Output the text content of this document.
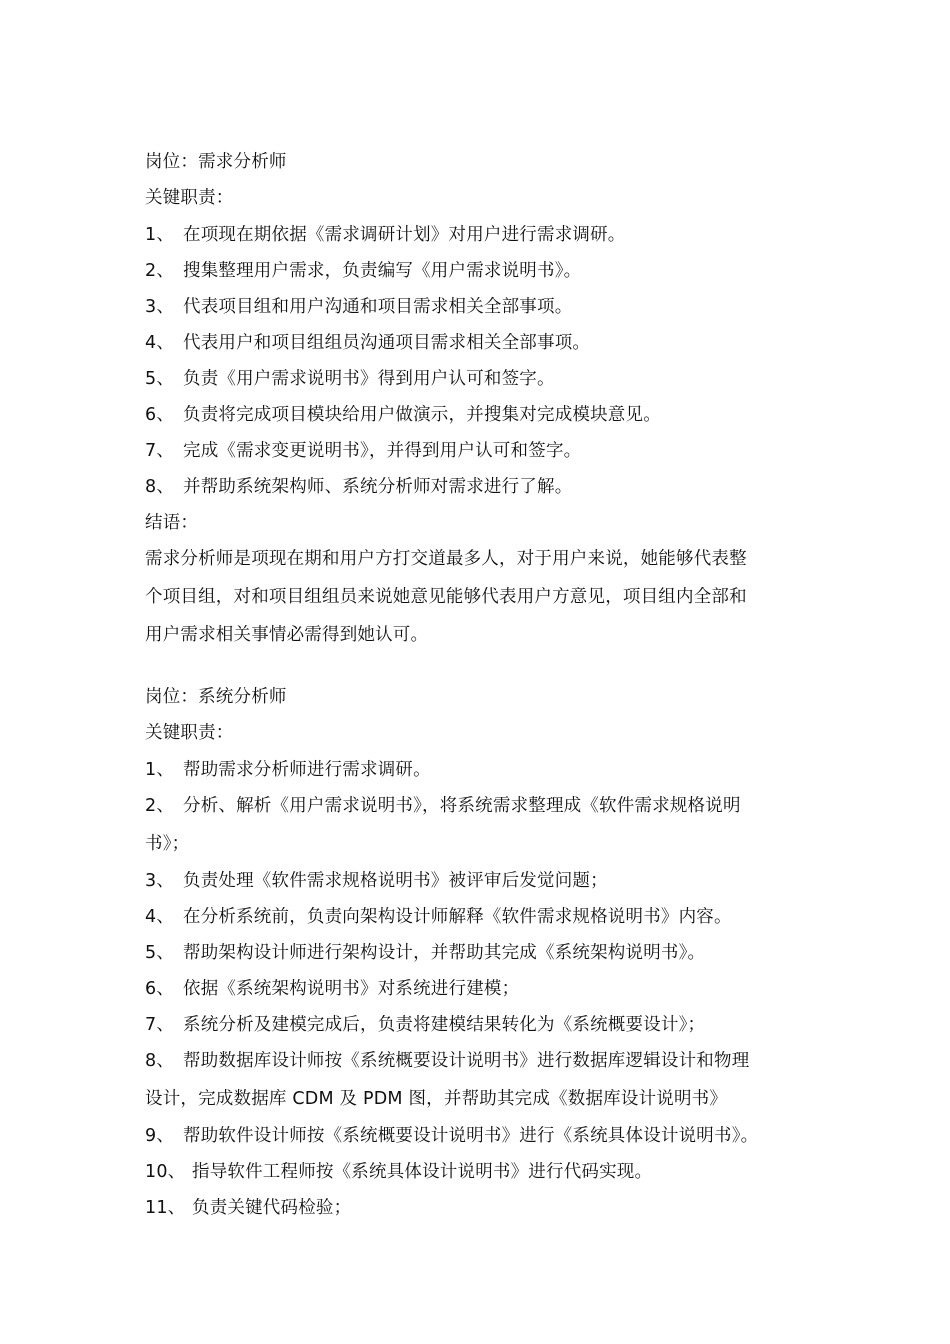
岗位：需求分析师
关键职责：
1、 在项现在期依据《需求调研计划》对用户进行需求调研。
2、 搜集整理用户需求，负责编写《用户需求说明书》。
3、 代表项目组和用户沟通和项目需求相关全部事项。
4、 代表用户和项目组组员沟通项目需求相关全部事项。
5、 负责《用户需求说明书》得到用户认可和签字。
6、 负责将完成项目模块给用户做演示，并搜集对完成模块意见。
7、 完成《需求变更说明书》，并得到用户认可和签字。
8、 并帮助系统架构师、系统分析师对需求进行了解。
结语：
需求分析师是项现在期和用户方打交道最多人，对于用户来说，她能够代表整
个项目组，对和项目组组员来说她意见能够代表用户方意见，项目组内全部和
用户需求相关事情必需得到她认可。
岗位：系统分析师
关键职责：
1、 帮助需求分析师进行需求调研。
2、 分析、解析《用户需求说明书》，将系统需求整理成《软件需求规格说明
书》；
3、 负责处理《软件需求规格说明书》被评审后发觉问题；
4、 在分析系统前，负责向架构设计师解释《软件需求规格说明书》内容。
5、 帮助架构设计师进行架构设计，并帮助其完成《系统架构说明书》。
6、 依据《系统架构说明书》对系统进行建模；
7、 系统分析及建模完成后，负责将建模结果转化为《系统概要设计》；
8、 帮助数据库设计师按《系统概要设计说明书》进行数据库逻辑设计和物理
设计，完成数据库 CDM 及 PDM 图，并帮助其完成《数据库设计说明书》
9、 帮助软件设计师按《系统概要设计说明书》进行《系统具体设计说明书》。
10、 指导软件工程师按《系统具体设计说明书》进行代码实现。
11、 负责关键代码检验；
